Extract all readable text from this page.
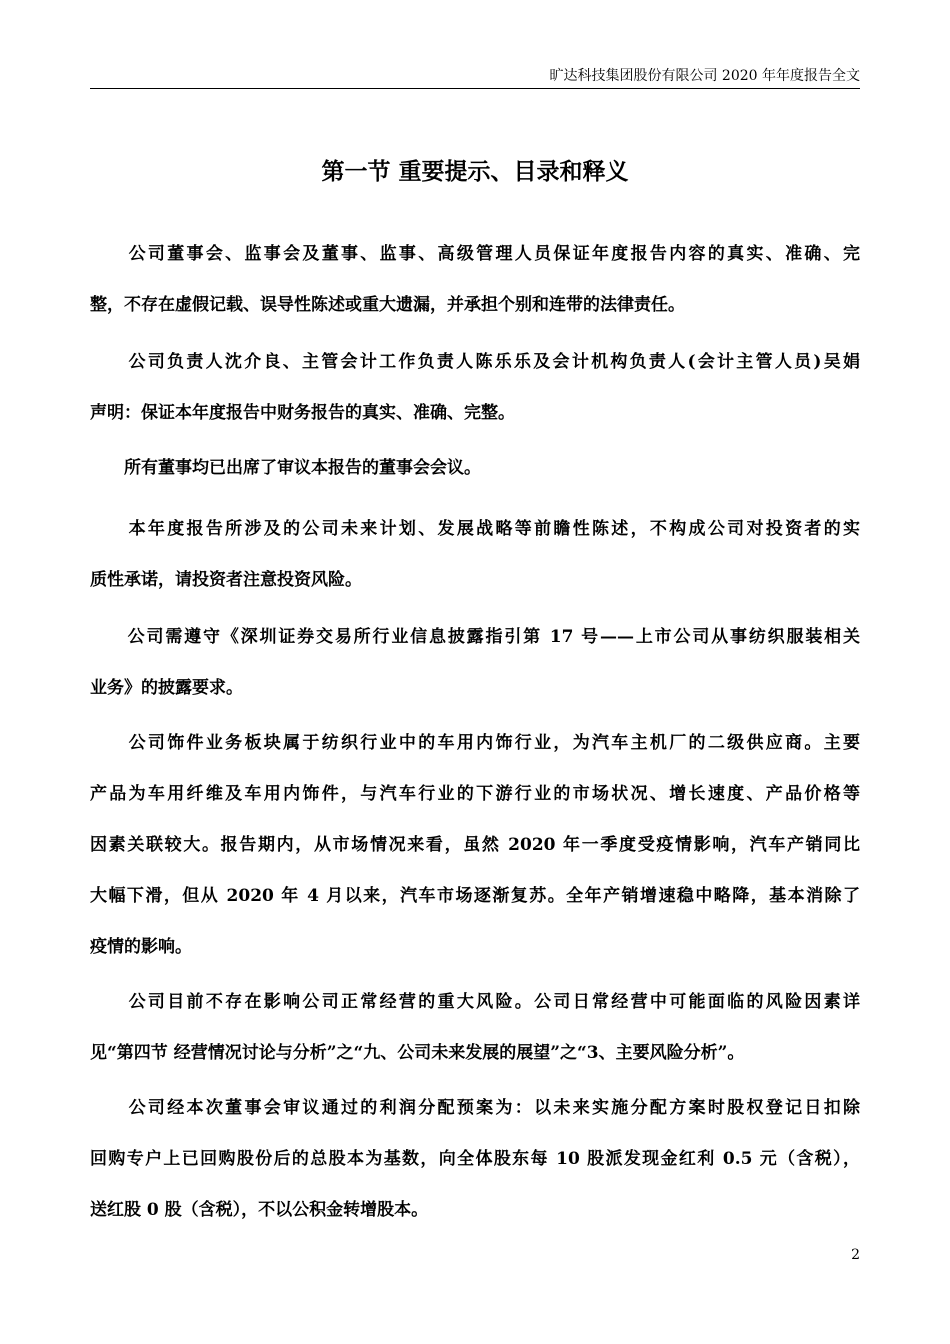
旷达科技集团股份有限公司 2020 年年度报告全文
第一节 重要提示、目录和释义
　　公司董事会、监事会及董事、监事、高级管理人员保证年度报告内容的真实、准确、完
整，不存在虚假记载、误导性陈述或重大遗漏，并承担个别和连带的法律责任。
　　公司负责人沈介良、主管会计工作负责人陈乐乐及会计机构负责人(会计主管人员)吴娟
声明：保证本年度报告中财务报告的真实、准确、完整。
　　所有董事均已出席了审议本报告的董事会会议。
　　本年度报告所涉及的公司未来计划、发展战略等前瞻性陈述，不构成公司对投资者的实
质性承诺，请投资者注意投资风险。
　　公司需遵守《深圳证券交易所行业信息披露指引第 17 号——上市公司从事纺织服装相关
业务》的披露要求。
　　公司饰件业务板块属于纺织行业中的车用内饰行业，为汽车主机厂的二级供应商。主要
产品为车用纤维及车用内饰件，与汽车行业的下游行业的市场状况、增长速度、产品价格等
因素关联较大。报告期内，从市场情况来看，虽然 2020 年一季度受疫情影响，汽车产销同比
大幅下滑，但从 2020 年 4 月以来，汽车市场逐渐复苏。全年产销增速稳中略降，基本消除了
疫情的影响。
　　公司目前不存在影响公司正常经营的重大风险。公司日常经营中可能面临的风险因素详
见“第四节 经营情况讨论与分析”之“九、公司未来发展的展望”之“3、主要风险分析”。
　　公司经本次董事会审议通过的利润分配预案为：以未来实施分配方案时股权登记日扣除
回购专户上已回购股份后的总股本为基数，向全体股东每 10 股派发现金红利 0.5 元（含税），
送红股 0 股（含税），不以公积金转增股本。
2
